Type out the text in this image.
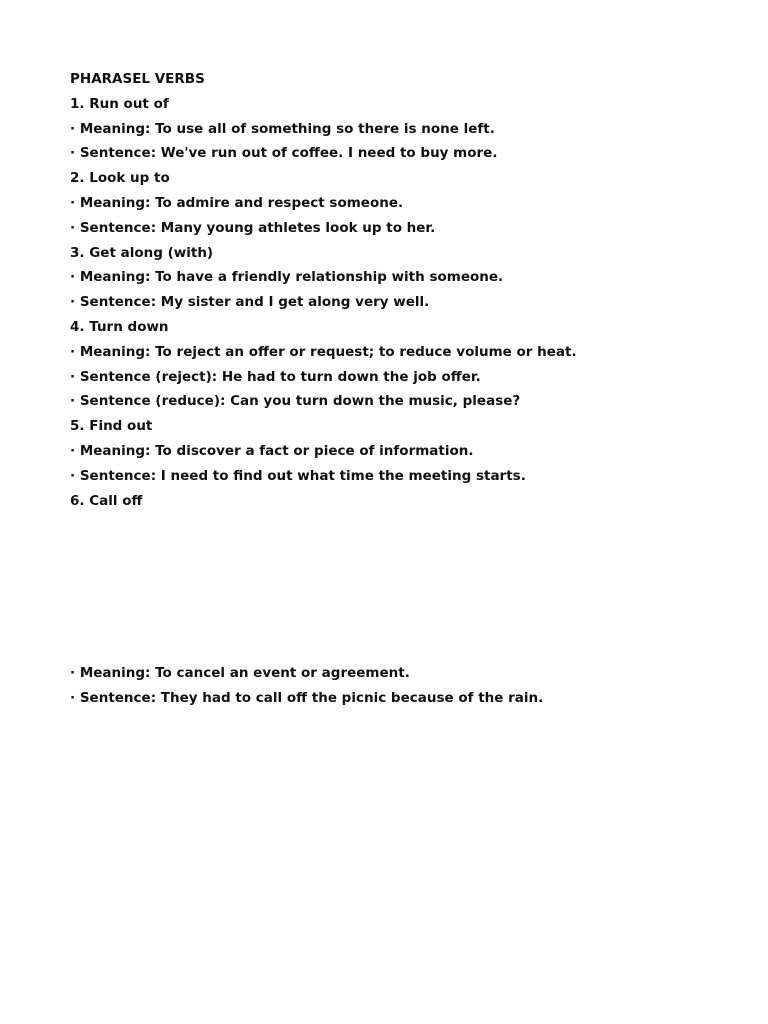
PHARASEL VERBS
1. Run out of
· Meaning: To use all of something so there is none left.
· Sentence: We've run out of coffee. I need to buy more.
2. Look up to
· Meaning: To admire and respect someone.
· Sentence: Many young athletes look up to her.
3. Get along (with)
· Meaning: To have a friendly relationship with someone.
· Sentence: My sister and I get along very well.
4. Turn down
· Meaning: To reject an offer or request; to reduce volume or heat.
· Sentence (reject): He had to turn down the job offer.
· Sentence (reduce): Can you turn down the music, please?
5. Find out
· Meaning: To discover a fact or piece of information.
· Sentence: I need to find out what time the meeting starts.
6. Call off
· Meaning: To cancel an event or agreement.
· Sentence: They had to call off the picnic because of the rain.
